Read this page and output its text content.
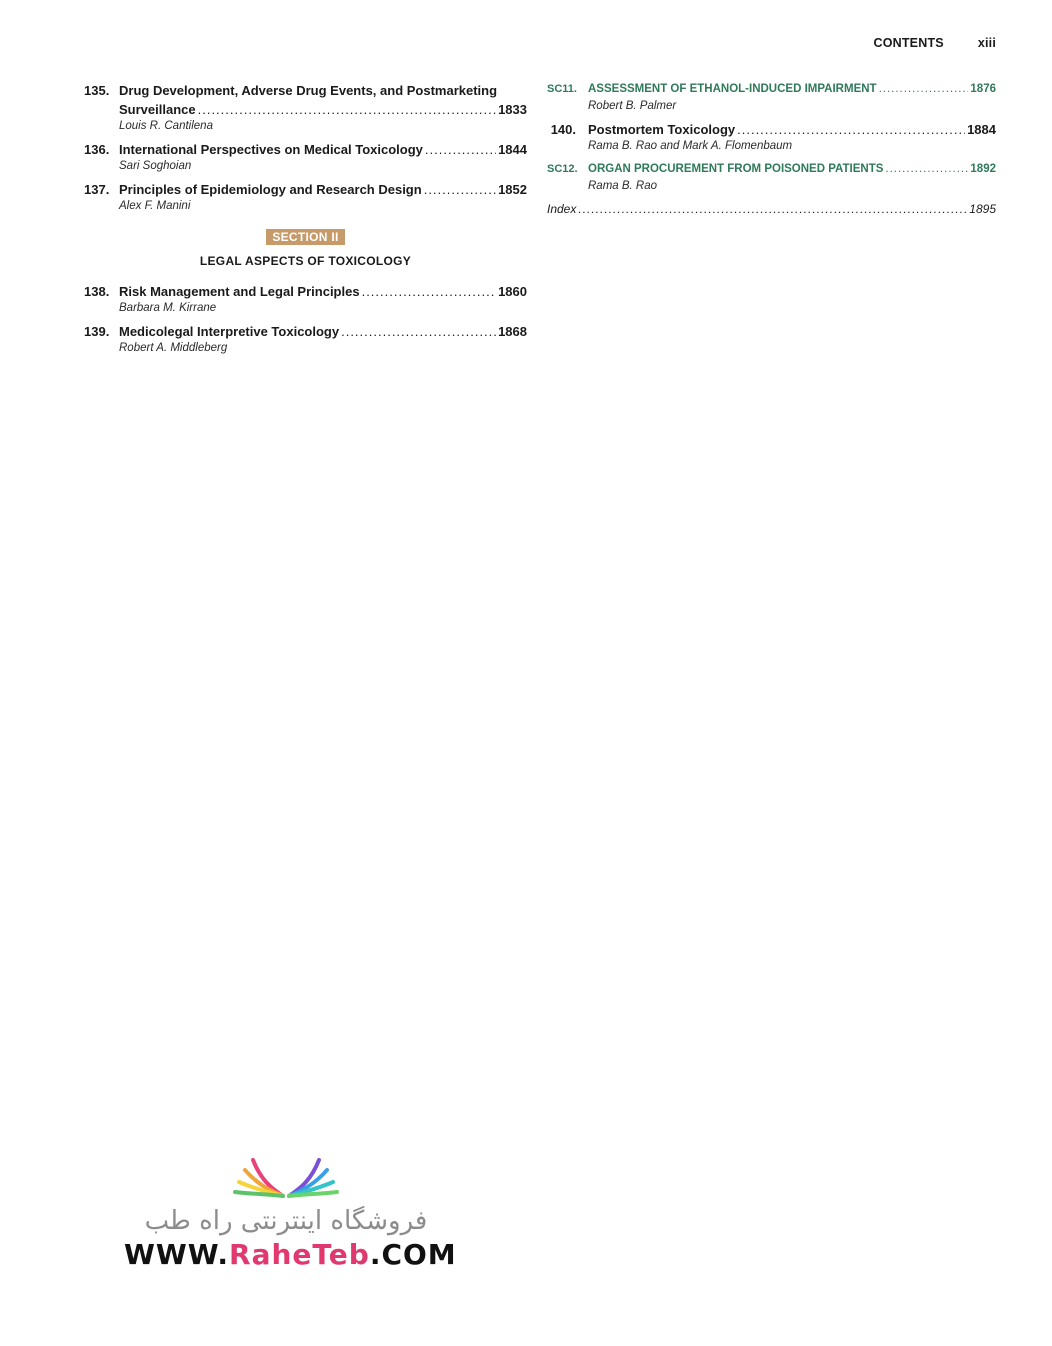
CONTENTS	xiii
135. Drug Development, Adverse Drug Events, and Postmarketing
Surveillance .....	1833
Louis R. Cantilena
136. International Perspectives on Medical Toxicology .....	1844
Sari Soghoian
137. Principles of Epidemiology and Research Design .....	1852
Alex F. Manini
SECTION II
LEGAL ASPECTS OF TOXICOLOGY
138. Risk Management and Legal Principles .....	1860
Barbara M. Kirrane
139. Medicolegal Interpretive Toxicology .....	1868
Robert A. Middleberg
SC11. ASSESSMENT OF ETHANOL-INDUCED IMPAIRMENT .....	1876
Robert B. Palmer
140. Postmortem Toxicology .....	1884
Rama B. Rao and Mark A. Flomenbaum
SC12. ORGAN PROCUREMENT FROM POISONED PATIENTS .....	1892
Rama B. Rao
Index .....	1895
فروشگاه اینترنتی راه طب
WWW.RaheTeb.COM
